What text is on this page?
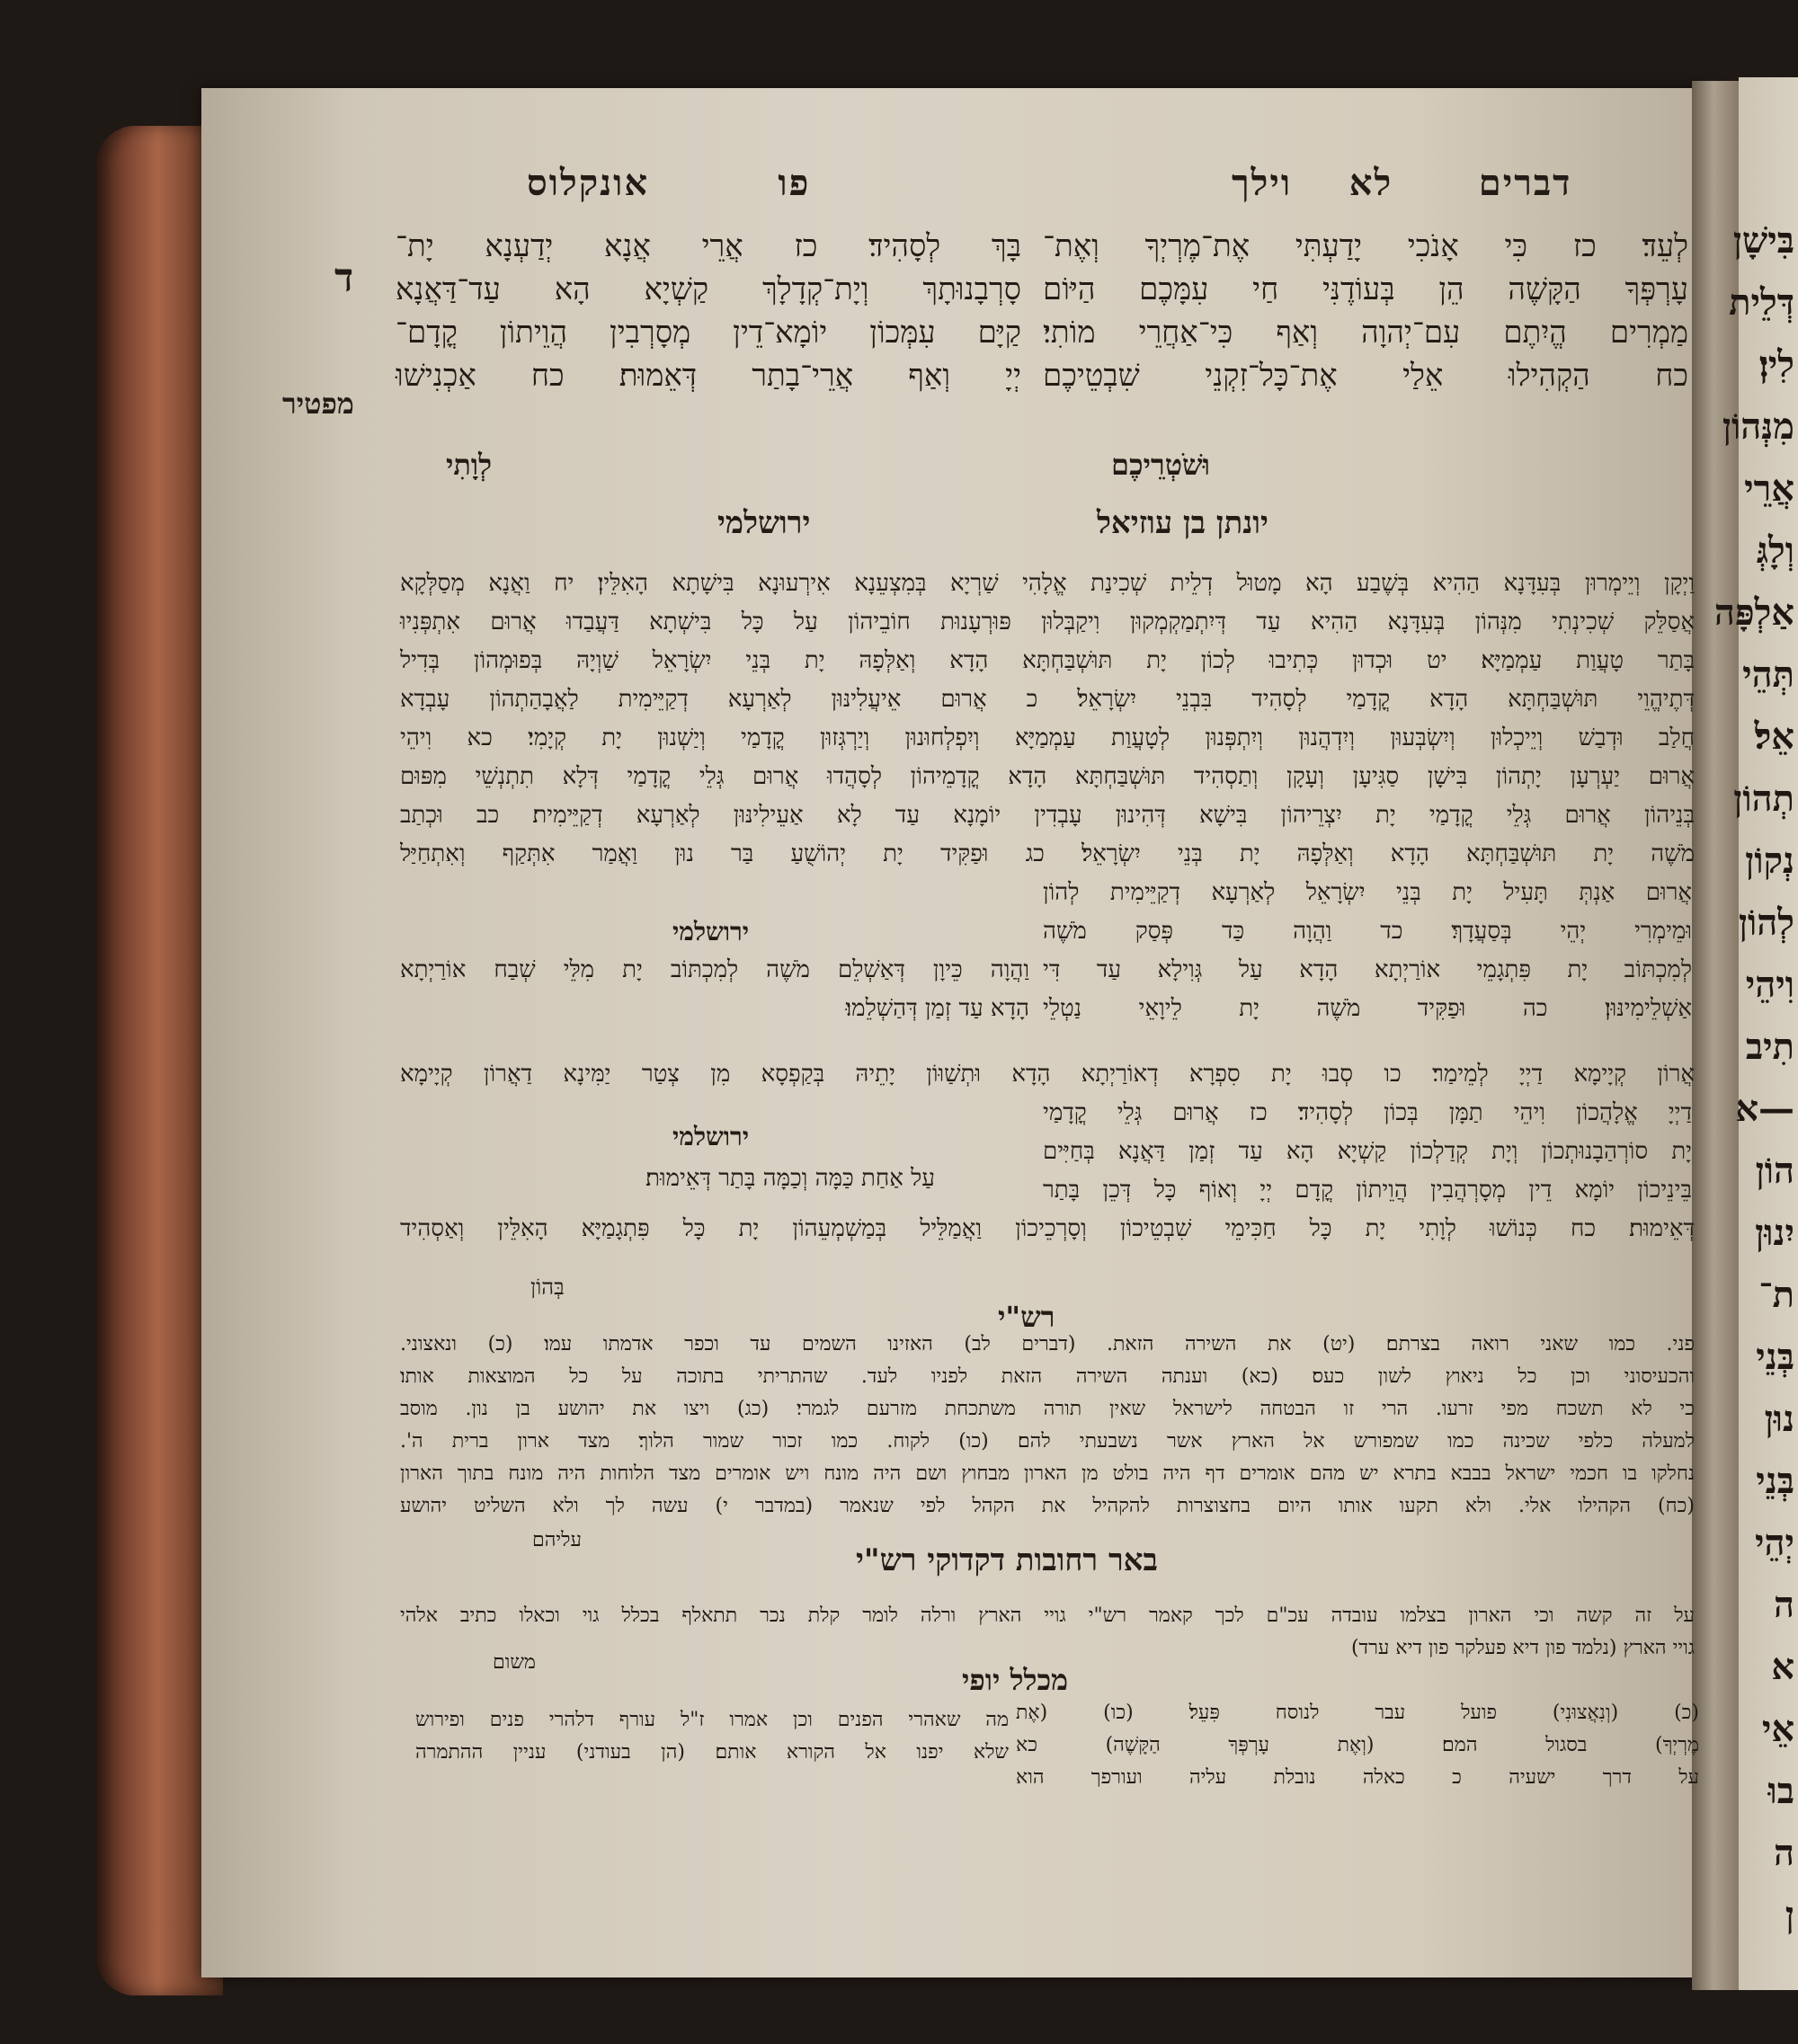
בִּישָׁן
דְּלֵית
לִין׃
מִנְּהוֹן
אֲרֵי
וְלָגְּ
אַלְפָּה
תְּהֵי
אֵל׃
תְהוֹן
נְקוֹן
לְהוֹן
וִיהֵי
תִיב
—א
הוֹן
יִנוּן
ת־
בְּנֵי
נוּן
בְּנֵי
יְהֵי
ה
א
אֵי
בוּ
ה
ן
דברים      לא    וילך
פו         אונקלוס
ד
לְעֵד׃ כז כִּי אָנֹכִי יָדַעְתִּי אֶת־מֶרְיְךָ וְאֶת־
עָרְפְּךָ הַקָּשֶׁה הֵן בְּעוֹדֶנִּי חַי עִמָּכֶם הַיּוֹם
מַמְרִים הֱיִתֶם עִם־יְהוָה וְאַף כִּי־אַחֲרֵי מוֹתִי׃
כח הַקְהִילוּ אֵלַי אֶת־כָּל־זִקְנֵי שִׁבְטֵיכֶם
וּשֹׁטְרֵיכֶם
בָּךְ לְסָהִיד׃ כז אֲרֵי אֲנָא יְדַעְנָא יָת־
סָרְבָנוּתָךְ וְיָת־קְדָלָךְ קַשְׁיָא הָא עַד־דַּאֲנָא
קַיָּם עִמְּכוֹן יוֹמָא־דֵין מְסָרְבִין הֲוֵיתוֹן קֳדָם־
יְיָ וְאַף אֲרֵי־בָתַר דְּאֵמוּת׃ כח אַכְנִישׁוּ
מפטיר
לְוָתִי
יונתן בן עוזיאל
ירושלמי
וַיְקָן וְיֵימְרוּן בְּעִדָּנָא הַהִיא בְּשֶׁבַע הָא מָטוּל דְלֵית שְׁכִינַת אֱלָהִי שַׁרְיָא בְּמִצְעֵנָא אִירְעוּנָא בִּישָׁתָא הָאִלֵּין׃ יח וַאֲנָא מְסַלְּקָא
אֲסַלֵּק שְׁכִינְתִי מִנְּהוֹן בְּעִדָּנָא הַהִיא עַד דְּיִתְמַקְמְקוּן וִיקַבְּלוּן פּוּרְעָנוּת חוֹבֵיהוֹן עַל כָּל בִּישְׁתָא דַּעֲבַדוּ אֲרוּם אִתְפְּנִיוּ
בָּתַר טָעֲוַת עַמְמַיָּא׃ יט וּכְדוּן כְּתִיבוּ לְכוֹן יָת תּוּשְׁבַּחְתָּא הָדָא וְאַלְּפָהּ יָת בְּנֵי יִשְׂרָאֵל שַׁוְיָהּ בְּפוּמְהוֹן בְּדִיל
דְּתֶיהֱוֵי תּוּשְׁבַּחְתָּא הָדָא קֳדָמַי לְסָהִיד בִּבְנֵי יִשְׂרָאֵל׃ כ אֲרוּם אֵיעֲלִינּוּן לְאַרְעָא דְקַיֵּימִית לַאֲבָהַתְהוֹן עָבְדָא
חֲלַב וּדְבַשׁ וְיֵיכְלוּן וְיִשְׂבְּעוּן וְיִדְהֲנוּן וְיִתְפְּנוּן לְטָעֲוַת עַמְמַיָּא וְיִפְלְחוּנוּן וְיַרְגְּזוּן קֳדָמַי וְיַשְׁנוּן יָת קְיָמִי׃ כא וִיהֵי
אֲרוּם יַעְרְעָן יָתְהוֹן בִּישָׁן סַגִּיעָן וְעָקָן וְתַסְהִיד תּוּשְׁבַּחְתָּא הָדָא קֳדָמֵיהוֹן לְסָהֲדוּ אֲרוּם גְּלֵי קֳדָמַי דְּלָא תִתְנְשֵׁי מִפּוּם
בְּנֵיהוֹן אֲרוּם גְּלֵי קֳדָמַי יָת יִצְרֵיהוֹן בִּישָׁא דְּהִינוּן עָבְדִין יוֹמָנָא עַד לָא אַעֵילִינּוּן לְאַרְעָא דְקַיֵּימִית׃ כב וּכְתַב
מֹשֶׁה יָת תּוּשְׁבַּחְתָּא הָדָא וְאַלְּפָהּ יָת בְּנֵי יִשְׂרָאֵל׃ כג וּפַקִּיד יָת יְהוֹשֻׁעַ בַּר נוּן וַאֲמַר אִתְּקַף וְאִתְחַיַּל
אֲרוּם אַנְתְּ תָּעִיל יָת בְּנֵי יִשְׂרָאֵל לְאַרְעָא דְקַיֵּימִית לְהוֹן
וּמֵימְרִי יְהֵי בְּסַעֲדָךְ׃ כד וַהֲוָה כַּד פְּסַק מֹשֶׁה
לְמִכְתּוֹב יָת פִּתְגָמֵי אוֹרַיְתָא הָדָא עַל גְּוִילָא עַד דִּי
אַשְׁלֵימִינּוּן׃ כה וּפַקִּיד מֹשֶׁה יָת לֵיוָאֵי נַטְלֵי
ירושלמי
וַהֲוָה כֵּיוָן דְּאַשְׁלֵם מֹשֶׁה לְמִכְתּוֹב יָת מִלֵּי שְׁבַח אוֹרַיְתָא
הָדָא עַד זְמַן דְּהַשְׁלֵמוּ׃
אֲרוֹן קְיָימָא דַיְיָ לְמֵימַר׃ כו סְבוּ יָת סִפְרָא דְאוֹרַיְתָא הָדָא וּתְשַׁוּוֹן יָתֵיהּ בְּקַפְסָא מִן צְטַר יַמִּינָא דַאֲרוֹן קְיָימָא
דַיְיָ אֱלָהֲכוֹן וִיהֵי תַמָּן בְּכוֹן לְסָהִיד׃ כז אֲרוּם גְּלֵי קֳדָמַי
יָת סוֹרְהַבָנוּתְכוֹן וְיָת קְדַלְכוֹן קַשְׁיָא הָא עַד זְמַן דַּאֲנָא בְּחַיִּים
בֵּינֵיכוֹן יוֹמָא דֵין מְסָרְהֲבִין הֲוֵיתוֹן קֳדָם יְיָ וְאוֹף כָּל דְּכֵן בָּתַר
ירושלמי
עַל אַחַת כַּמָּה וְכַמָּה בָּתַר דְּאֵימוּת׃
דְּאֵימוּת׃ כח כְּנוֹשׁוּ לְוָתִי יָת כָּל חַכִּימֵי שִׁבְטֵיכוֹן וְסָרְכֵיכוֹן וַאֲמַלֵּיל בְּמַשְׁמְעֵהוֹן יָת כָּל פִּתְגָמַיָּא הָאִלֵּין וְאַסְהִיד
בְּהוֹן
רש"י
פני. כמו שאני רואה בצרתם׃ (יט) את השירה הזאת. (דברים לב) האזינו השמים עד וכפר אדמתו עמו׃ (כ) ונאצוני.
והכעיסוני וכן כל ניאוץ לשון כעס׃ (כא) וענתה השירה הזאת לפניו לעד. שהתריתי בתוכה על כל המוצאות אותו׃
כי לא תשכח מפי זרעו. הרי זו הבטחה לישראל שאין תורה משתכחת מזרעם לגמרי׃ (כג) ויצו את יהושע בן נון. מוסב
למעלה כלפי שכינה כמו שמפורש אל הארץ אשר נשבעתי להם׃ (כו) לקוח. כמו זכור שמור הלוך׃ מצד ארון ברית ה'.
נחלקו בו חכמי ישראל בבבא בתרא יש מהם אומרים דף היה בולט מן הארון מבחוץ ושם היה מונח ויש אומרים מצד הלוחות היה מונח בתוך הארון
(כח) הקהילו אלי. ולא תקעו אותו היום בחצוצרות להקהיל את הקהל לפי שנאמר (במדבר י) עשה לך ולא השליט יהושע
עליהם
באר רחובות דקדוקי רש"י
על זה קשה וכי הארון בצלמו עובדה עכ"ם לכך קאמר רש"י גויי הארץ ורלה לומר קלת נכר תתאלף בכלל גוי וכאלו כתיב אלהי
גויי הארץ (נלמד פון דיא פעלקר פון דיא ערד)
משום
מכלל יופי
(כ) (וְנִאֲצוּנִי) פועל עבר לנוסח פִּעֵל׃ (כו) (אֶת
מֶרְיְךָ) בסגול המם׃ (וְאֶת עָרְפְּךָ הַקָּשֶׁה) כא
על דרך ישעיה כ כאלה נובלת עליה ועורפך הוא
מה שאהרי הפנים וכן אמרו ז"ל עורף דלהרי פנים ופירוש
שלא יפנו אל הקורא אותם׃ (הן בעודני) עניין ההתמרה
